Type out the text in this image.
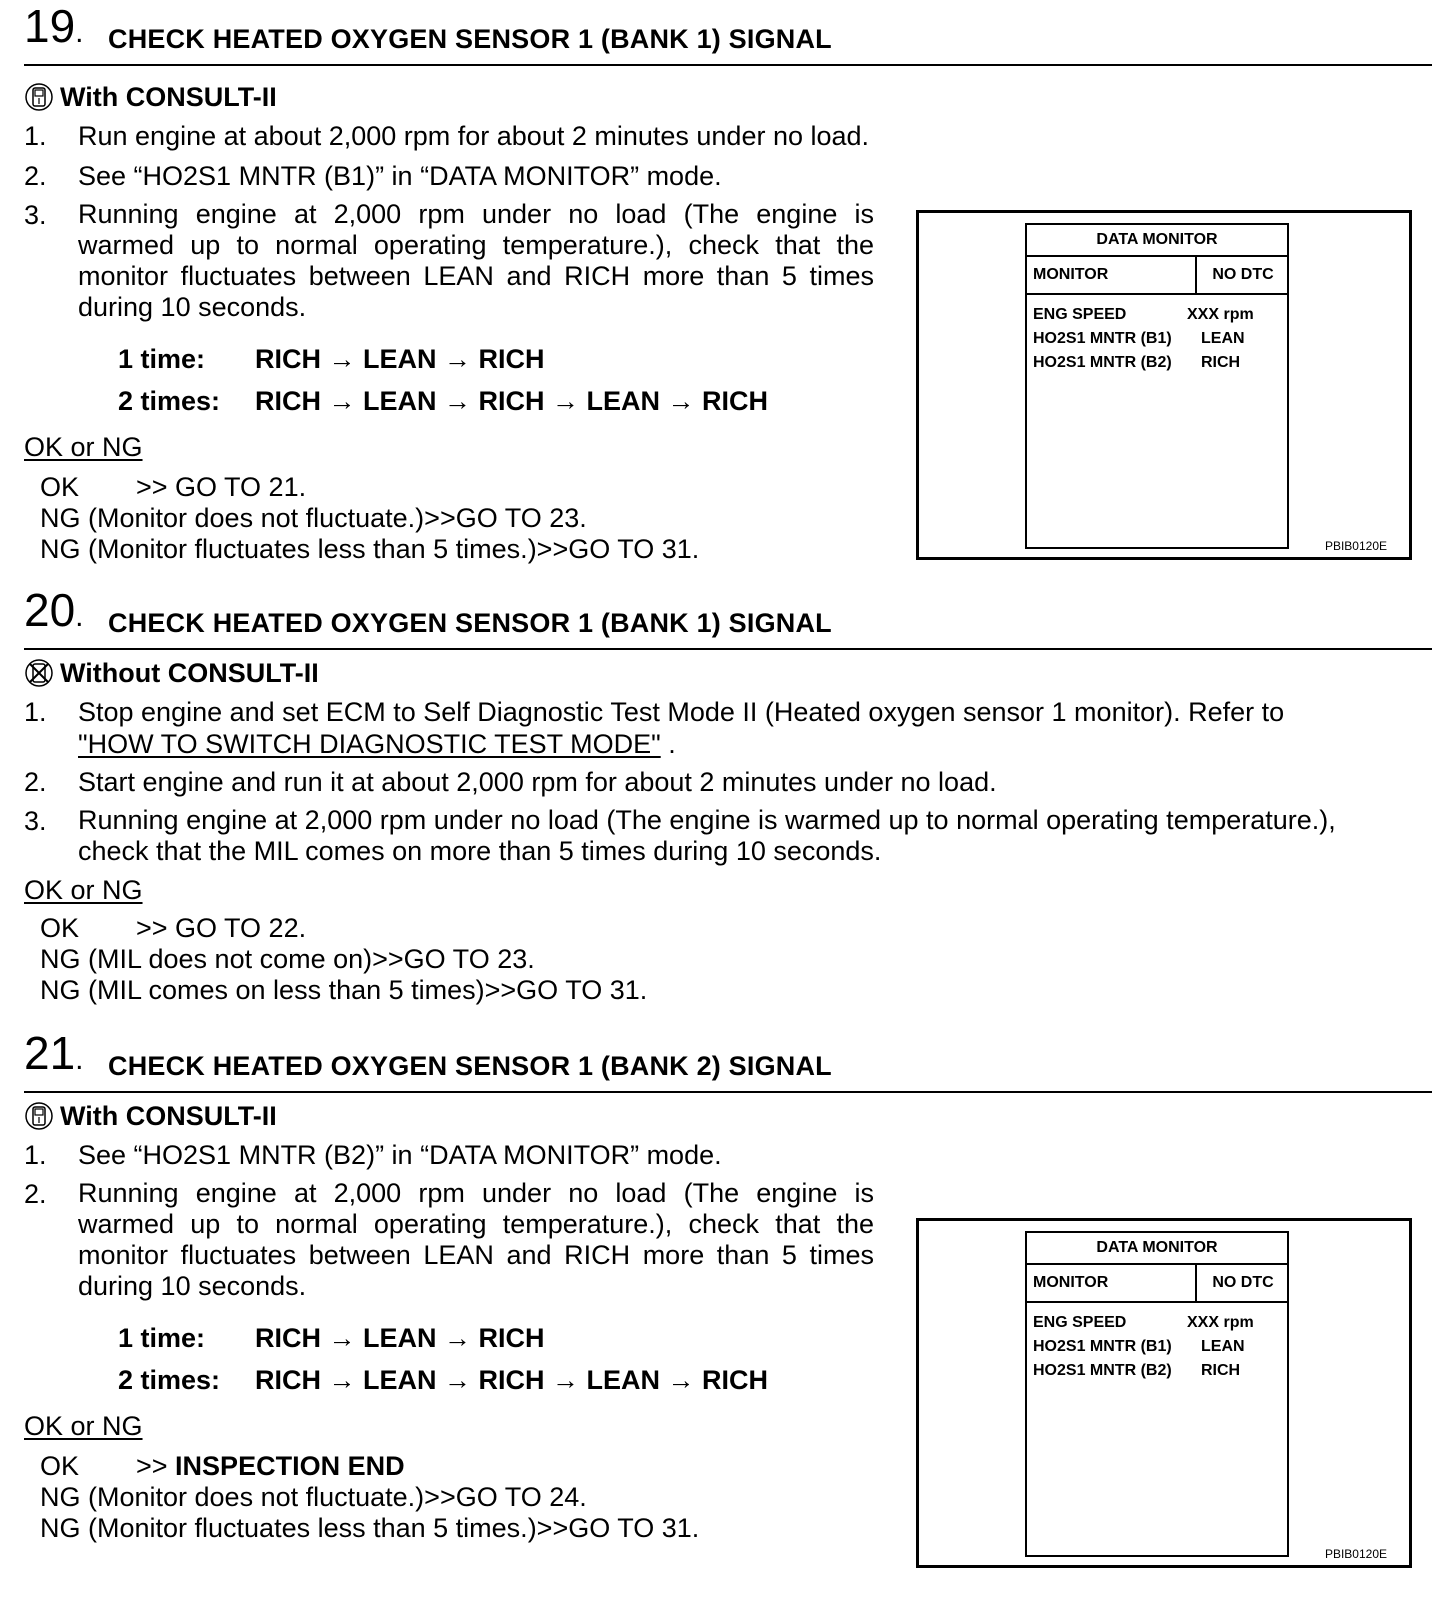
19. CHECK HEATED OXYGEN SENSOR 1 (BANK 1) SIGNAL
With CONSULT-II
1. Run engine at about 2,000 rpm for about 2 minutes under no load.
2. See “HO2S1 MNTR (B1)” in “DATA MONITOR” mode.
3. Running engine at 2,000 rpm under no load (The engine is warmed up to normal operating temperature.), check that the monitor fluctuates between LEAN and RICH more than 5 times during 10 seconds.
1 time: RICH → LEAN → RICH
2 times: RICH → LEAN → RICH → LEAN → RICH
OK or NG
OK >> GO TO 21.
NG (Monitor does not fluctuate.)>>GO TO 23.
NG (Monitor fluctuates less than 5 times.)>>GO TO 31.
DATA MONITOR
MONITOR	NO DTC
ENG SPEED	XXX rpm
HO2S1 MNTR (B1) LEAN
HO2S1 MNTR (B2) RICH
PBIB0120E
20. CHECK HEATED OXYGEN SENSOR 1 (BANK 1) SIGNAL
Without CONSULT-II
1. Stop engine and set ECM to Self Diagnostic Test Mode II (Heated oxygen sensor 1 monitor). Refer to
"HOW TO SWITCH DIAGNOSTIC TEST MODE" .
2. Start engine and run it at about 2,000 rpm for about 2 minutes under no load.
3. Running engine at 2,000 rpm under no load (The engine is warmed up to normal operating temperature.),
check that the MIL comes on more than 5 times during 10 seconds.
OK or NG
OK >> GO TO 22.
NG (MIL does not come on)>>GO TO 23.
NG (MIL comes on less than 5 times)>>GO TO 31.
21. CHECK HEATED OXYGEN SENSOR 1 (BANK 2) SIGNAL
With CONSULT-II
1. See “HO2S1 MNTR (B2)” in “DATA MONITOR” mode.
2. Running engine at 2,000 rpm under no load (The engine is warmed up to normal operating temperature.), check that the monitor fluctuates between LEAN and RICH more than 5 times during 10 seconds.
1 time: RICH → LEAN → RICH
2 times: RICH → LEAN → RICH → LEAN → RICH
OK or NG
OK >> INSPECTION END
NG (Monitor does not fluctuate.)>>GO TO 24.
NG (Monitor fluctuates less than 5 times.)>>GO TO 31.
DATA MONITOR
MONITOR	NO DTC
ENG SPEED	XXX rpm
HO2S1 MNTR (B1) LEAN
HO2S1 MNTR (B2) RICH
PBIB0120E
